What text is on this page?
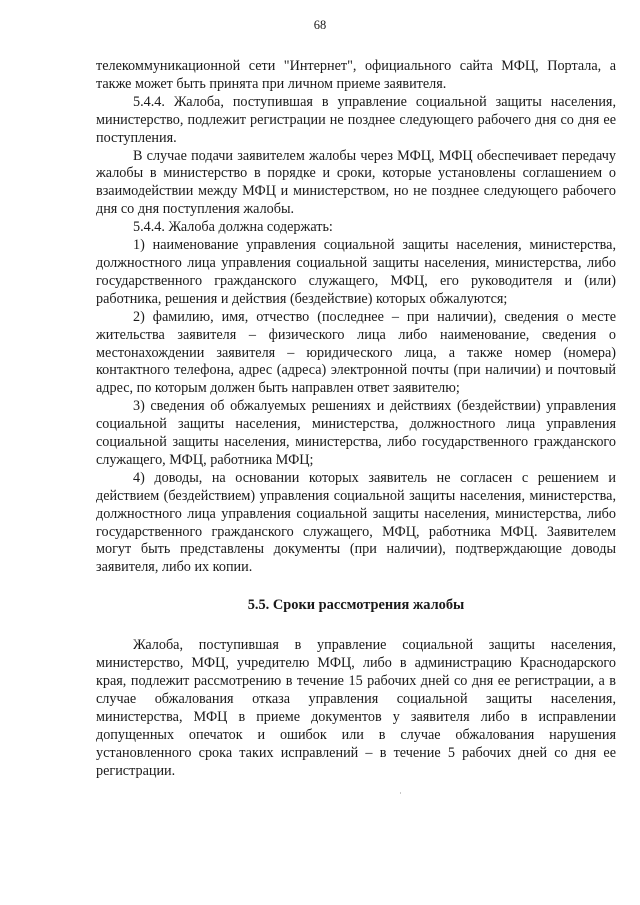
68

телекоммуникационной сети "Интернет", официального сайта МФЦ, Портала, а также может быть принята при личном приеме заявителя.

5.4.4. Жалоба, поступившая в управление социальной защиты населения, министерство, подлежит регистрации не позднее следующего рабочего дня со дня ее поступления.

В случае подачи заявителем жалобы через МФЦ, МФЦ обеспечивает передачу жалобы в министерство в порядке и сроки, которые установлены соглашением о взаимодействии между МФЦ и министерством, но не позднее следующего рабочего дня со дня поступления жалобы.

5.4.4. Жалоба должна содержать:

1) наименование управления социальной защиты населения, министерства, должностного лица управления социальной защиты населения, министерства, либо государственного гражданского служащего, МФЦ, его руководителя и (или) работника, решения и действия (бездействие) которых обжалуются;

2) фамилию, имя, отчество (последнее – при наличии), сведения о месте жительства заявителя – физического лица либо наименование, сведения о местонахождении заявителя – юридического лица, а также номер (номера) контактного телефона, адрес (адреса) электронной почты (при наличии) и почтовый адрес, по которым должен быть направлен ответ заявителю;

3) сведения об обжалуемых решениях и действиях (бездействии) управления социальной защиты населения, министерства, должностного лица управления социальной защиты населения, министерства, либо государственного гражданского служащего, МФЦ, работника МФЦ;

4) доводы, на основании которых заявитель не согласен с решением и действием (бездействием) управления социальной защиты населения, министерства, должностного лица управления социальной защиты населения, министерства, либо государственного гражданского служащего, МФЦ, работника МФЦ. Заявителем могут быть представлены документы (при наличии), подтверждающие доводы заявителя, либо их копии.

5.5. Сроки рассмотрения жалобы

Жалоба, поступившая в управление социальной защиты населения, министерство, МФЦ, учредителю МФЦ, либо в администрацию Краснодарского края, подлежит рассмотрению в течение 15 рабочих дней со дня ее регистрации, а в случае обжалования отказа управления социальной защиты населения, министерства, МФЦ в приеме документов у заявителя либо в исправлении допущенных опечаток и ошибок или в случае обжалования нарушения установленного срока таких исправлений – в течение 5 рабочих дней со дня ее регистрации.
